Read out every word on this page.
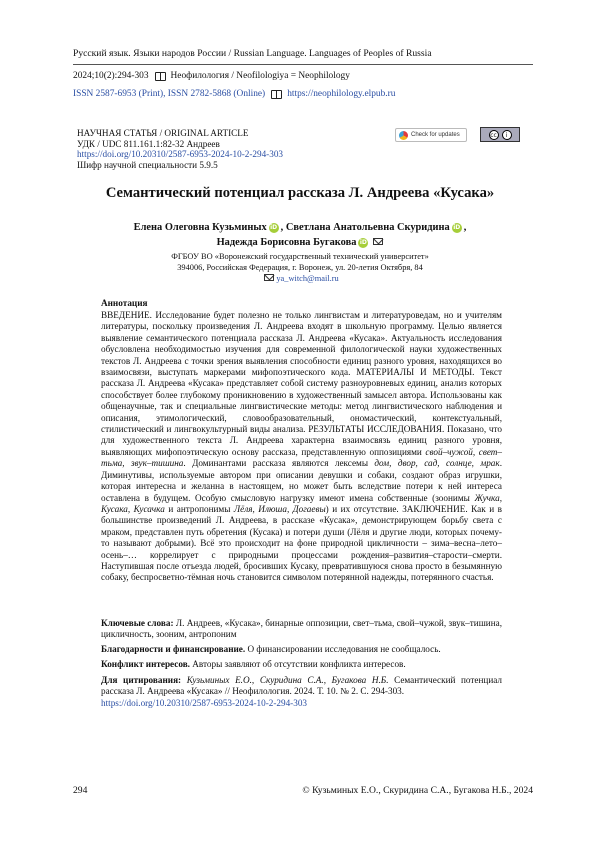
Русский язык. Языки народов России / Russian Language. Languages of Peoples of Russia
2024;10(2):294-303 Неофилология / Neofilologiya = Neophilology
ISSN 2587-6953 (Print), ISSN 2782-5868 (Online) https://neophilology.elpub.ru
НАУЧНАЯ СТАТЬЯ / ORIGINAL ARTICLE
УДК / UDC 811.161.1:82-32 Андреев
https://doi.org/10.20310/2587-6953-2024-10-2-294-303
Шифр научной специальности 5.9.5
Check for updates	cc	i
Семантический потенциал рассказа Л. Андреева «Кусака»
Елена Олеговна Кузьминых iD , Светлана Анатольевна Скуридина iD ,
Надежда Борисовна Бугакова iD
ФГБОУ ВО «Воронежский государственный технический университет»
394006, Российская Федерация, г. Воронеж, ул. 20-летия Октября, 84
ya_witch@mail.ru
Аннотация

ВВЕДЕНИЕ. Исследование будет полезно не только лингвистам и литературоведам, но и учителям литературы, поскольку произведения Л. Андреева входят в школьную программу. Целью является выявление семантического потенциала рассказа Л. Андреева «Кусака». Актуальность исследования обусловлена необходимостью изучения для современной филологической науки художественных текстов Л. Андреева с точки зрения выявления способности единиц разного уровня, находящихся во взаимосвязи, выступать маркерами мифопоэтического кода. МАТЕРИАЛЫ И МЕТОДЫ. Текст рассказа Л. Андреева «Кусака» представляет собой систему разноуровневых единиц, анализ которых способствует более глубокому проникновению в художественный замысел автора. Использованы как общенаучные, так и специальные лингвистические методы: метод лингвистического наблюдения и описания, этимологический, словообразовательный, ономастический, контекстуальный, стилистический и лингвокультурный виды анализа. РЕЗУЛЬТАТЫ ИССЛЕДОВАНИЯ. Показано, что для художественного текста Л. Андреева характерна взаимосвязь единиц разного уровня, выявляющих мифопоэтическую основу рассказа, представленную оппозициями свой–чужой, свет–тьма, звук–тишина. Доминантами рассказа являются лексемы дом, двор, сад, солнце, мрак. Диминутивы, используемые автором при описании девушки и собаки, создают образ игрушки, которая интересна и желанна в настоящем, но может быть вследствие потери к ней интереса оставлена в будущем. Особую смысловую нагрузку имеют имена собственные (зоонимы Жучка, Кусака, Кусачка и антропонимы Лёля, Илюша, Догаевы) и их отсутствие. ЗАКЛЮЧЕНИЕ. Как и в большинстве произведений Л. Андреева, в рассказе «Кусака», демонстрирующем борьбу света с мраком, представлен путь обретения (Кусака) и потери души (Лёля и другие люди, которых почему-то называют добрыми). Всё это происходит на фоне природной цикличности – зима–весна–лето–осень–… коррелирует с природными процессами рождения–развития–старости–смерти. Наступившая после отъезда людей, бросивших Кусаку, превратившуюся снова просто в безымянную собаку, беспросветно-тёмная ночь становится символом потерянной надежды, потерянного счастья.

Ключевые слова: Л. Андреев, «Кусака», бинарные оппозиции, свет–тьма, свой–чужой, звук–тишина, цикличность, зооним, антропоним
Благодарности и финансирование. О финансировании исследования не сообщалось.
Конфликт интересов. Авторы заявляют об отсутствии конфликта интересов.
Для цитирования: Кузьминых Е.О., Скуридина С.А., Бугакова Н.Б. Семантический потенциал рассказа Л. Андреева «Кусака» // Неофилология. 2024. Т. 10. № 2. С. 294-303.
https://doi.org/10.20310/2587-6953-2024-10-2-294-303
294	© Кузьминых Е.О., Скуридина С.А., Бугакова Н.Б., 2024
